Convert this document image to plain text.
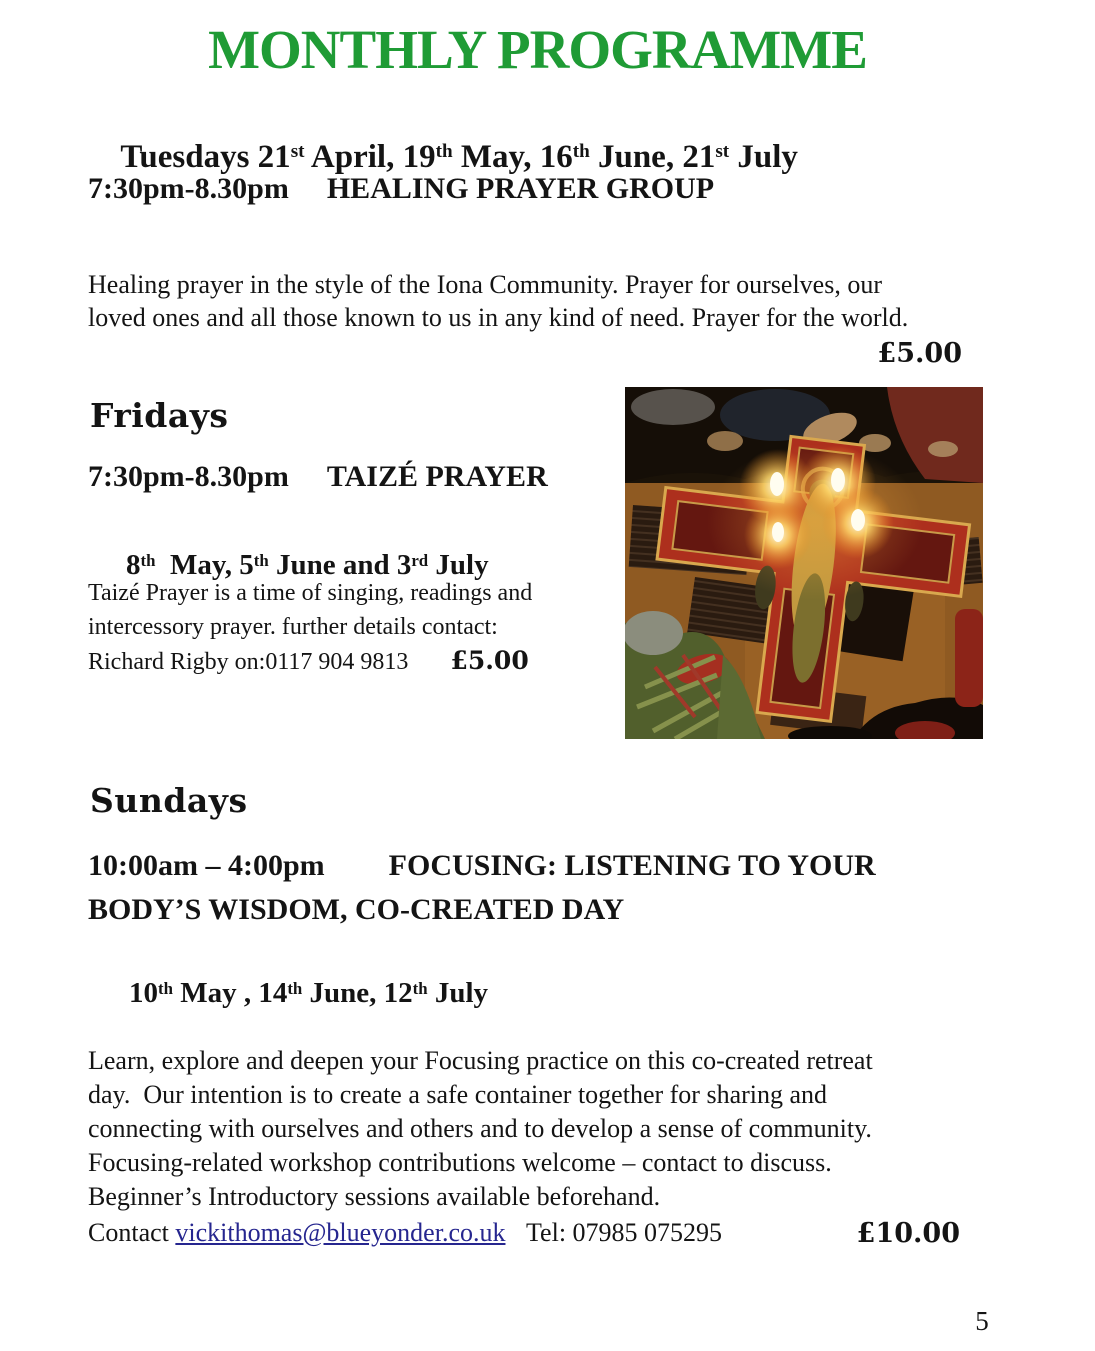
MONTHLY PROGRAMME

Tuesdays 21st April, 19th May, 16th June, 21st July

7:30pm-8.30pm HEALING PRAYER GROUP
Healing prayer in the style of the Iona Community. Prayer for ourselves, our
loved ones and all those known to us in any kind of need. Prayer for the world.
£5.00
Fridays
7:30pm-8.30pm TAIZÉ PRAYER

8th  May, 5th June and 3rd July

Taizé Prayer is a time of singing, readings and
intercessory prayer. further details contact:
Richard Rigby on:0117 904 9813 £5.00
Sundays
10:00am – 4:00pm FOCUSING: LISTENING TO YOUR
BODY’S WISDOM, CO-CREATED DAY

10th May , 14th June, 12th July

Learn, explore and deepen your Focusing practice on this co-created retreat
day.  Our intention is to create a safe container together for sharing and
connecting with ourselves and others and to develop a sense of community.
Focusing-related workshop contributions welcome – contact to discuss.
Beginner’s Introductory sessions available beforehand.
Contact vickithomas@blueyonder.co.uk Tel: 07985 075295	£10.00
5
